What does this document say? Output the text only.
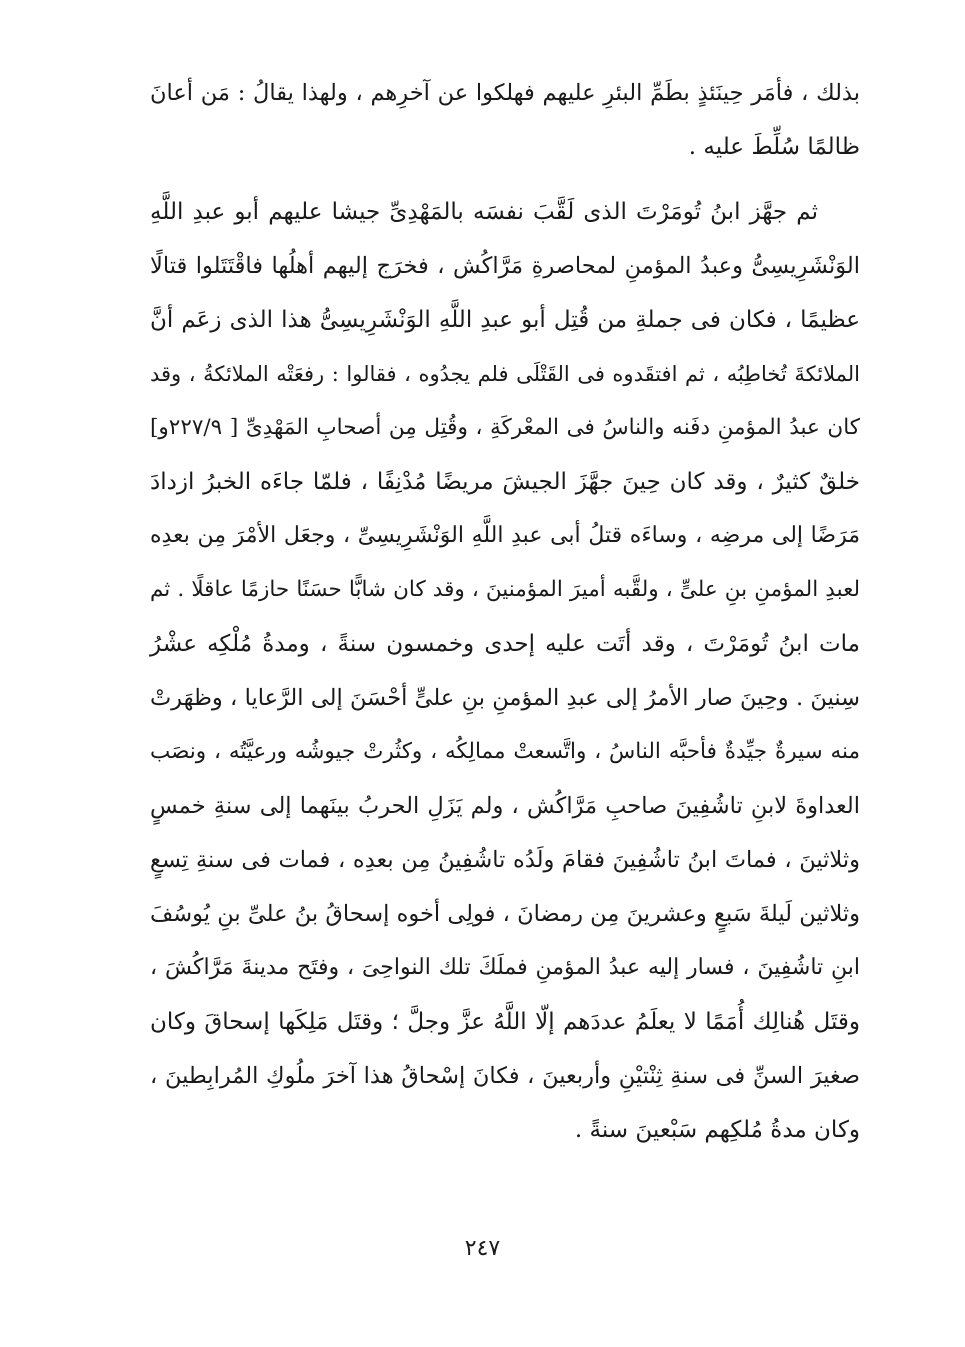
بذلك ، فأمَر حِينَئذٍ بطَمِّ البئرِ عليهم فهلكوا عن آخرِهم ، ولهذا يقالُ : مَن أعانَ
ظالمًا سُلِّطَ عليه .
ثم جهَّز ابنُ تُومَرْتَ الذى لَقَّبَ نفسَه بالمَهْدِىِّ جيشا عليهم أبو عبدِ اللَّهِ
الوَنْشَرِيسِىُّ وعبدُ المؤمنِ لمحاصرةِ مَرَّاكُش ، فخرَج إليهم أهلُها فاقْتَتَلوا قتالًا
عظيمًا ، فكان فى جملةِ من قُتِل أبو عبدِ اللَّهِ الوَنْشَرِيسِىُّ هذا الذى زعَم أنَّ
الملائكةَ تُخاطِبُه ، ثم افتقَدوه فى القَتْلَى فلم يجدُوه ، فقالوا : رفعَتْه الملائكةُ ، وقد
كان عبدُ المؤمنِ دفَنه والناسُ فى المعْركَةِ ، وقُتِل مِن أصحابِ المَهْدِىِّ [ ٢٢٧/٩و]
خلقٌ كثيرٌ ، وقد كان حِينَ جهَّزَ الجيشَ مريضًا مُدْنِفًا ، فلمّا جاءَه الخبرُ ازدادَ
مَرَضًا إلى مرضِه ، وساءَه قتلُ أبى عبدِ اللَّهِ الوَنْشَرِيسِىِّ ، وجعَل الأمْرَ مِن بعدِه
لعبدِ المؤمنِ بنِ علىٍّ ، ولقَّبه أميرَ المؤمنينَ ، وقد كان شابًّا حسَنًا حازمًا عاقلًا . ثم
مات ابنُ تُومَرْتَ ، وقد أتَت عليه إحدى وخمسون سنةً ، ومدةُ مُلْكِه عشْرُ
سِنينَ . وحِينَ صار الأمرُ إلى عبدِ المؤمنِ بنِ علىٍّ أحْسَنَ إلى الرَّعايا ، وظهَرتْ
منه سيرةٌ جيِّدةٌ فأحبَّه الناسُ ، واتَّسعتْ ممالِكُه ، وكثُرتْ جيوشُه ورعيَّتُه ، ونصَب
العداوةَ لابنِ تاشُفِينَ صاحبِ مَرَّاكُش ، ولم يَزَلِ الحربُ بينَهما إلى سنةِ خمسٍ
وثلاثينَ ، فماتَ ابنُ تاشُفِينَ فقامَ ولَدُه تاشُفِينُ مِن بعدِه ، فمات فى سنةِ تِسعٍ
وثلاثين لَيلةَ سَبعٍ وعشرينَ مِن رمضانَ ، فولِى أخوه إسحاقُ بنُ علىِّ بنِ يُوسُفَ
ابنِ تاشُفِينَ ، فسار إليه عبدُ المؤمنِ فملَكَ تلك النواحِىَ ، وفتَح مدينةَ مَرَّاكُشَ ،
وقتَل هُنالِك أُمَمًا لا يعلَمُ عددَهم إلّا اللَّهُ عزَّ وجلَّ ؛ وقتَل مَلِكَها إسحاقَ وكان
صغيرَ السنِّ فى سنةِ ثِنْتيْنِ وأربعينَ ، فكانَ إسْحاقُ هذا آخرَ ملُوكِ المُرابِطينَ ،
وكان مدةُ مُلكِهم سَبْعينَ سنةً .
٢٤٧
